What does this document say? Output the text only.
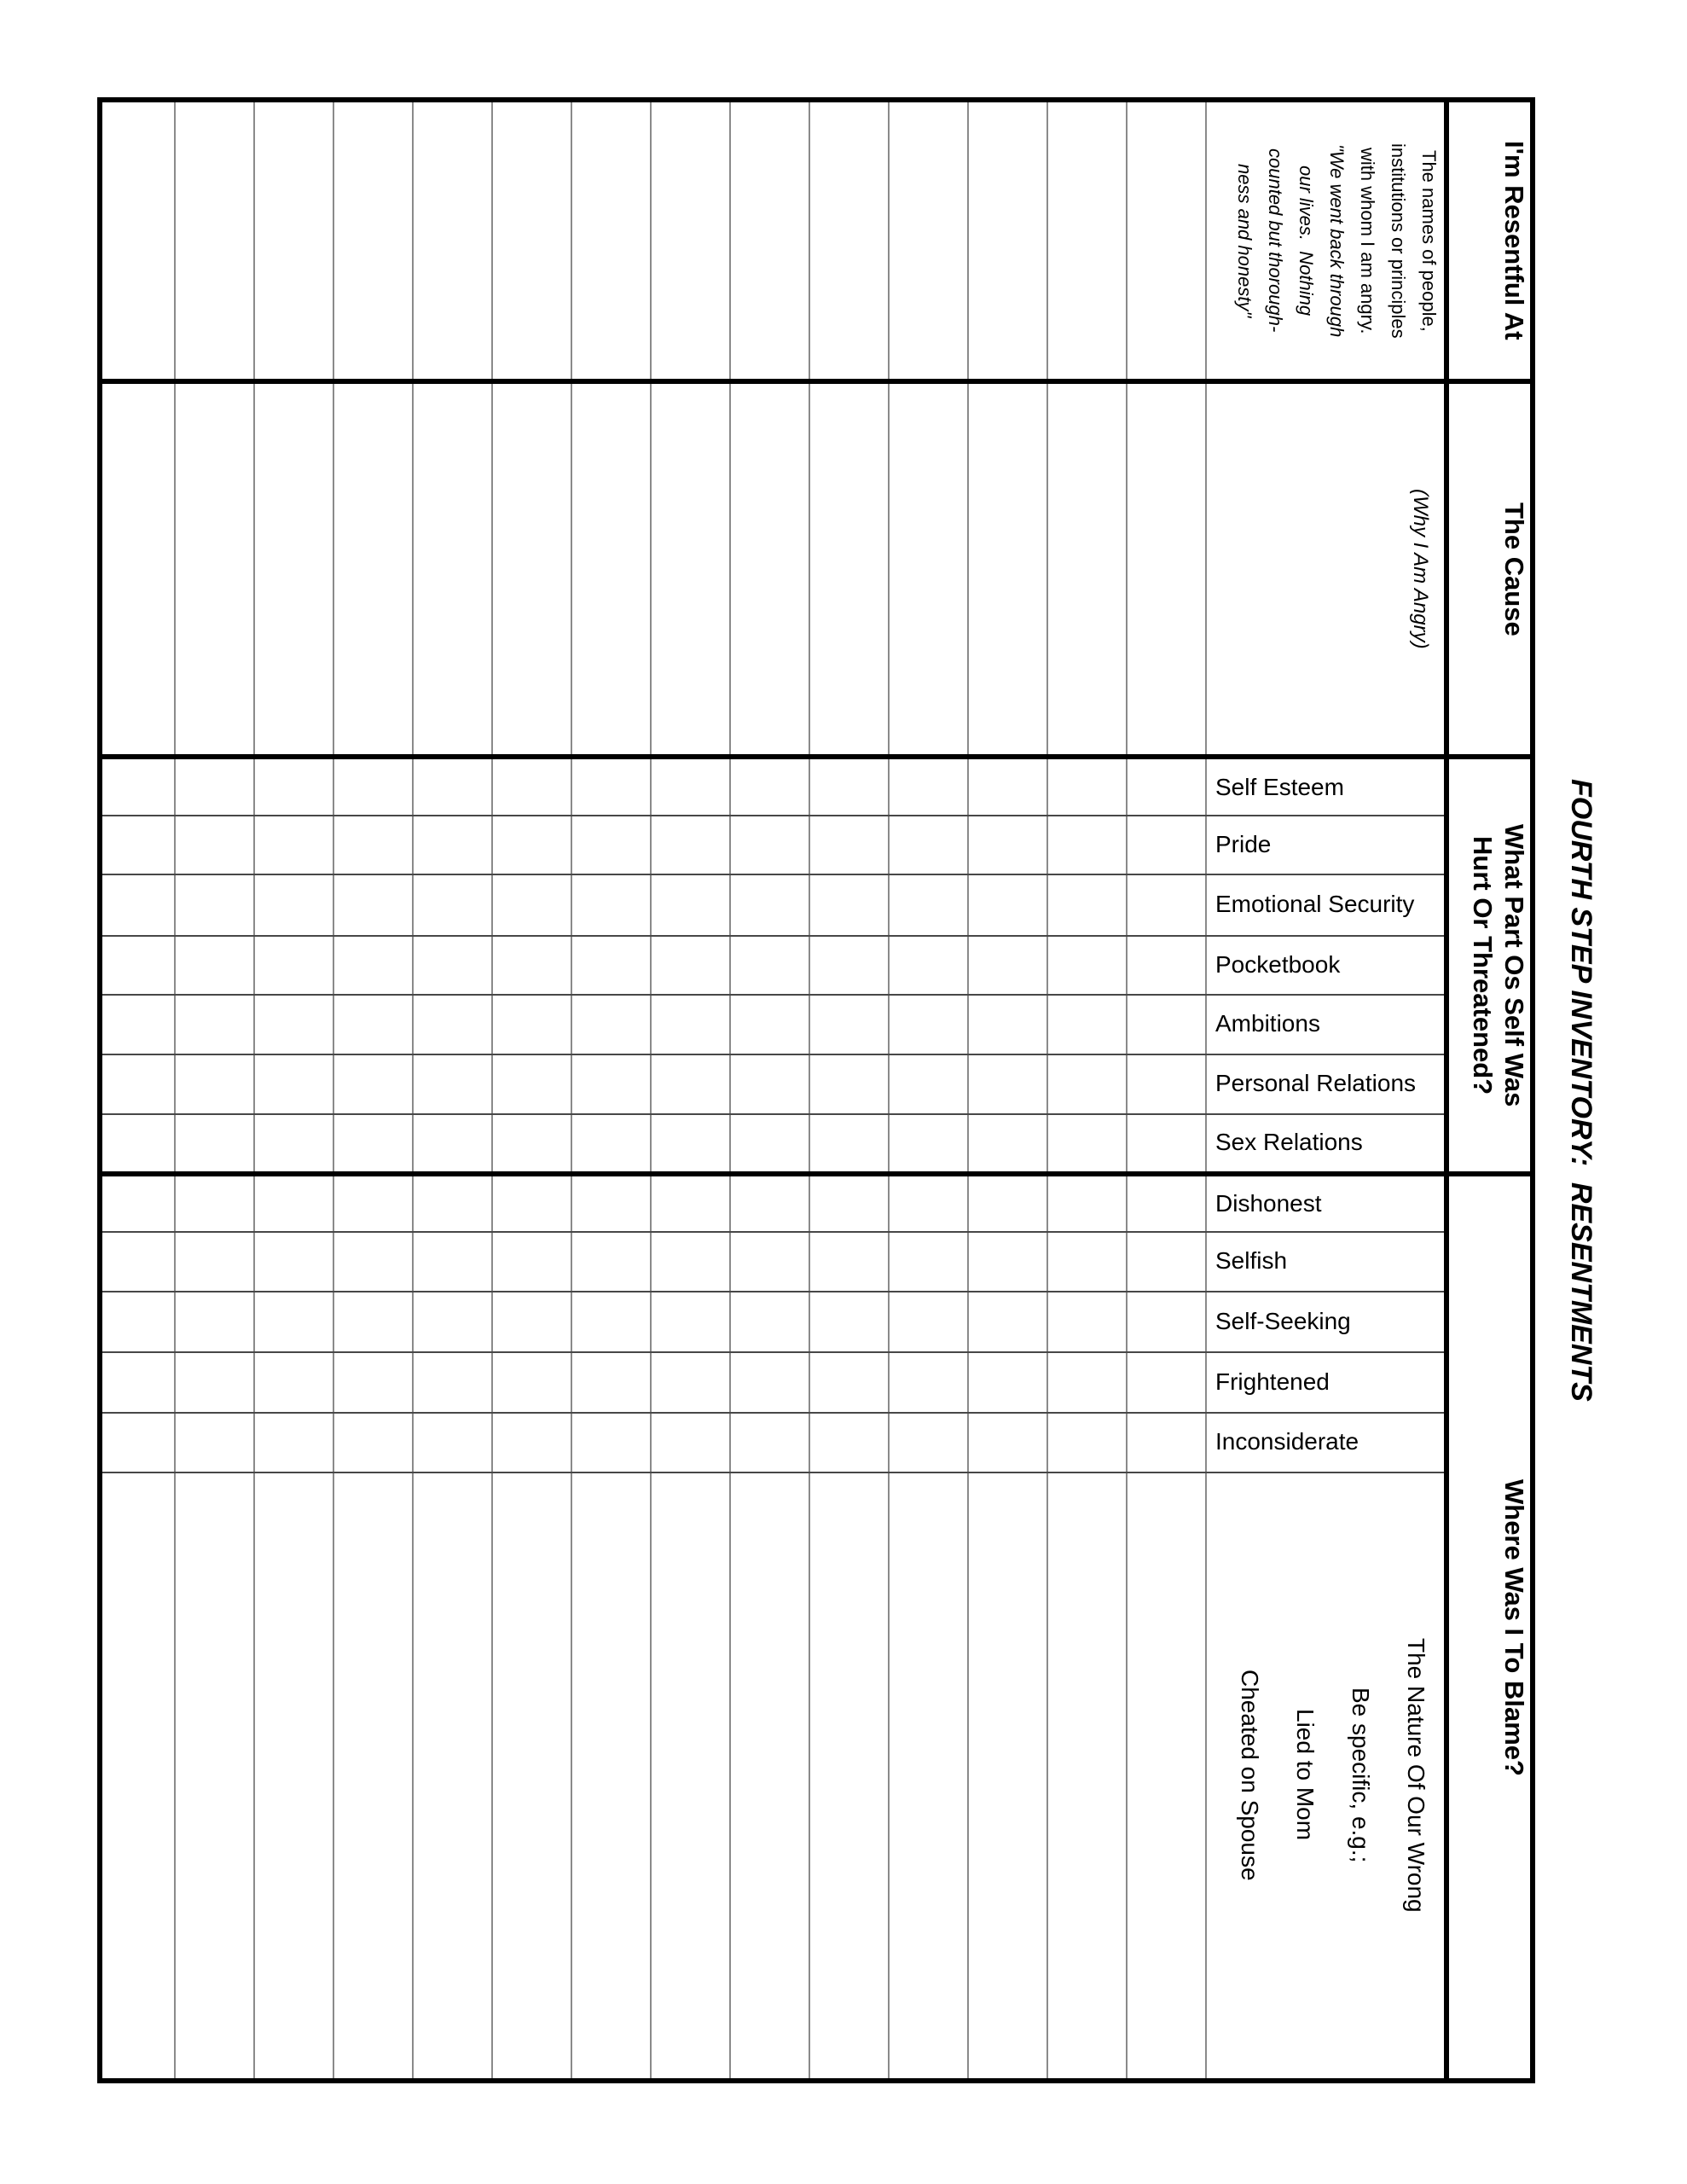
I'm Resentful At
The Cause
What Part Os Self Was
Hurt Or Threatened?
Where Was I To Blame?
The names of people,
institutions or principles
with whom I am angry.
"We went back through
our lives.  Nothing
counted but thorough-
ness and honesty"
(Why I Am Angry)
Self Esteem
Pride
Emotional Security
Pocketbook
Ambitions
Personal Relations
Sex Relations
Dishonest
Selfish
Self-Seeking
Frightened
Inconsiderate
The Nature Of Our Wrong
Be specific, e.g.;
Lied to Mom
Cheated on Spouse
FOURTH STEP INVENTORY:  RESENTMENTS
